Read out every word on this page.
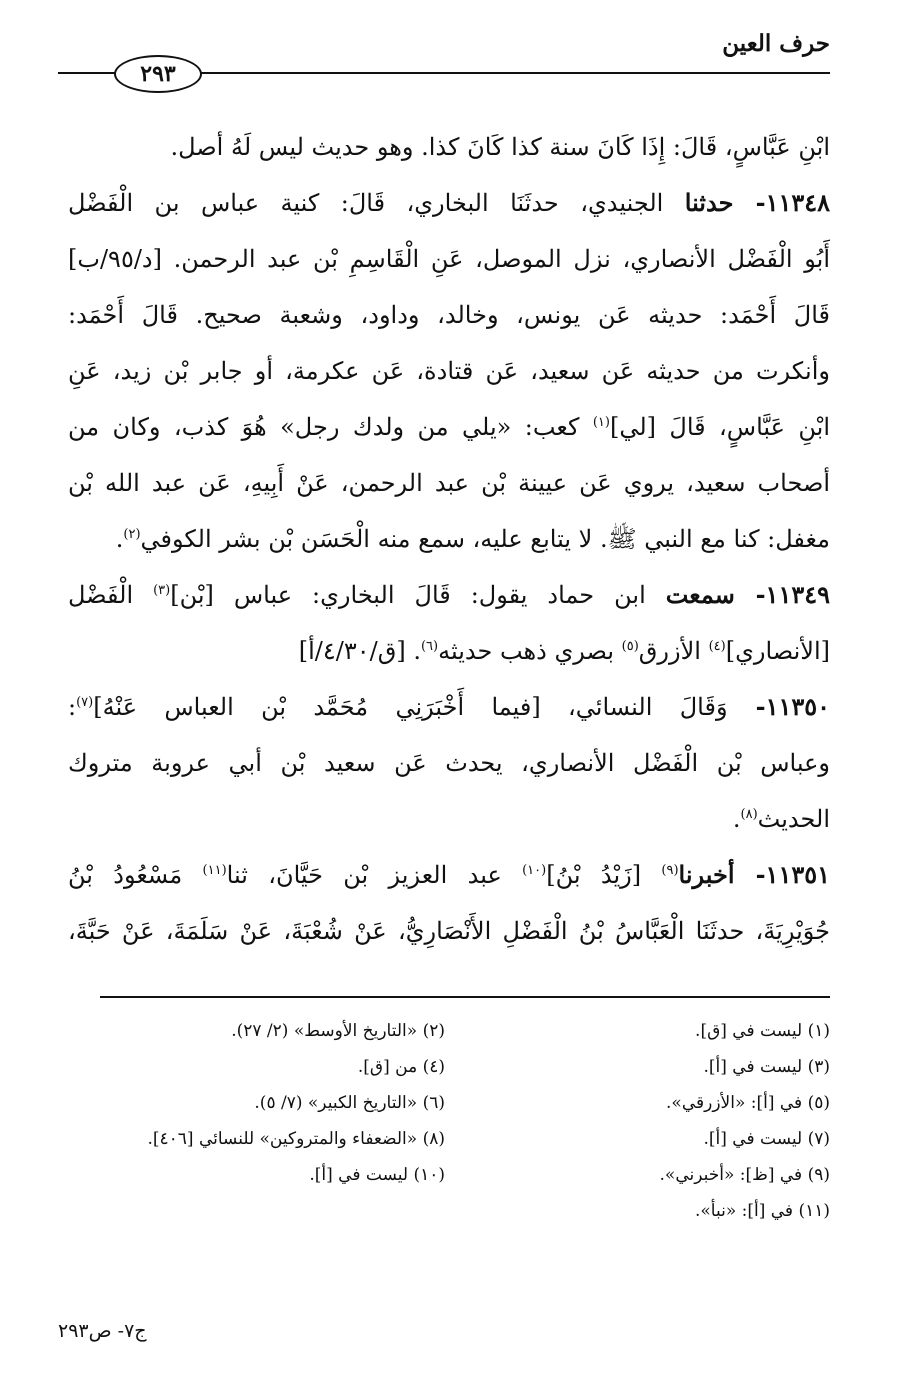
حرف العين
٢٩٣
ابْنِ عَبَّاسٍ، قَالَ: إِذَا كَانَ سنة كذا كَانَ كذا. وهو حديث ليس لَهُ أصل.
١١٣٤٨- حدثنا الجنيدي، حدثَنَا البخاري، قَالَ: كنية عباس بن الْفَضْل
أَبُو الْفَضْل الأنصاري، نزل الموصل، عَنِ الْقَاسِمِ بْن عبد الرحمن. [د/٩٥/ب]
قَالَ أَحْمَد: حديثه عَن يونس، وخالد، وداود، وشعبة صحيح. قَالَ أَحْمَد:
وأنكرت من حديثه عَن سعيد، عَن قتادة، عَن عكرمة، أو جابر بْن زيد، عَنِ
ابْنِ عَبَّاسٍ، قَالَ [لي]$^{(١)}$ كعب: «يلي من ولدك رجل» هُوَ كذب، وكان من
أصحاب سعيد، يروي عَن عيينة بْن عبد الرحمن، عَنْ أَبِيهِ، عَن عبد الله بْن
مغفل: كنا مع النبي ﷺ. لا يتابع عليه، سمع منه الْحَسَن بْن بشر الكوفي$^{(٢)}$.
١١٣٤٩- سمعت ابن حماد يقول: قَالَ البخاري: عباس [بْن]$^{(٣)}$ الْفَضْل
[الأنصاري]$^{(٤)}$ الأزرق$^{(٥)}$ بصري ذهب حديثه$^{(٦)}$. [ق/٤/٣٠/أ]
١١٣٥٠- وَقَالَ النسائي، [فيما أَخْبَرَنِي مُحَمَّد بْن العباس عَنْهُ]$^{(٧)}$:
وعباس بْن الْفَضْل الأنصاري، يحدث عَن سعيد بْن أبي عروبة متروك
الحديث$^{(٨)}$.
١١٣٥١- أخبرنا$^{(٩)}$ [زَيْدُ بْنُ]$^{(١٠)}$ عبد العزيز بْن حَيَّانَ، ثنا$^{(١١)}$ مَسْعُودُ بْنُ
جُوَيْرِيَةَ، حدثَنَا الْعَبَّاسُ بْنُ الْفَضْلِ الأَنْصَارِيُّ، عَنْ شُعْبَةَ، عَنْ سَلَمَةَ، عَنْ حَبَّةَ،
(١) ليست في [ق].
(٢) «التاريخ الأوسط» (٢/ ٢٧).
(٣) ليست في [أ].
(٤) من [ق].
(٥) في [أ]: «الأزرقي».
(٦) «التاريخ الكبير» (٧/ ٥).
(٧) ليست في [أ].
(٨) «الضعفاء والمتروكين» للنسائي [٤٠٦].
(٩) في [ظ]: «أخبرني».
(١٠) ليست في [أ].
(١١) في [أ]: «نبأ».
ج٧- ص٢٩٣
